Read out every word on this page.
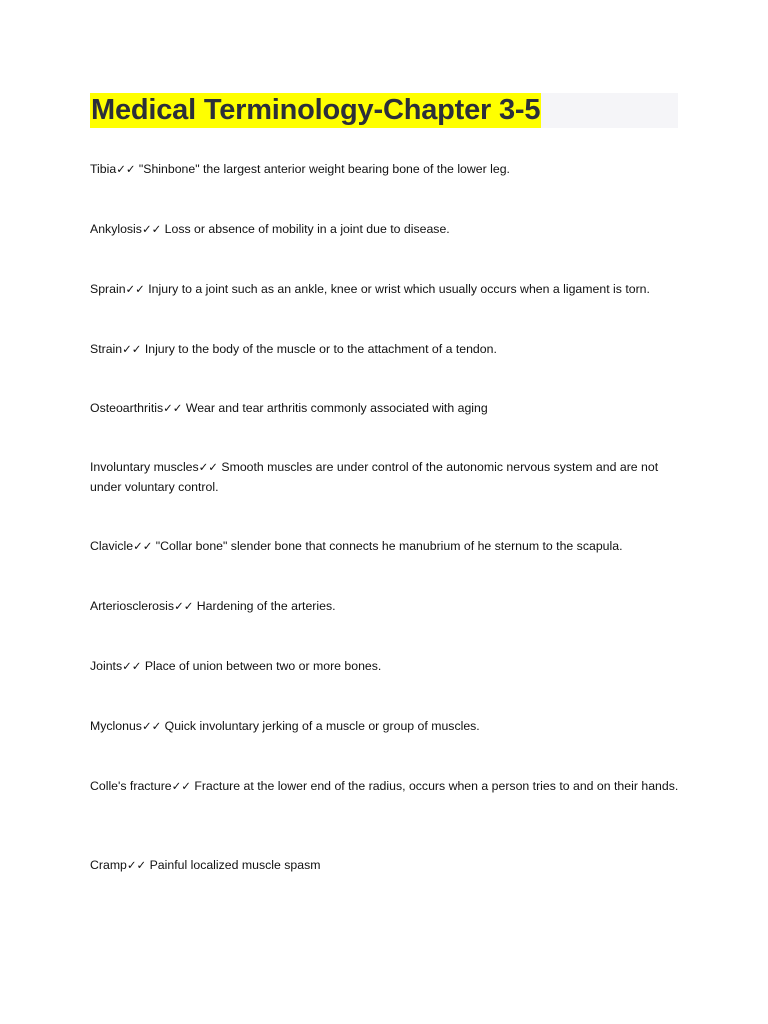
Medical Terminology-Chapter 3-5

Tibia✓✓ "Shinbone" the largest anterior weight bearing bone of the lower leg.

Ankylosis✓✓ Loss or absence of mobility in a joint due to disease.

Sprain✓✓ Injury to a joint such as an ankle, knee or wrist which usually occurs when a ligament is torn.

Strain✓✓ Injury to the body of the muscle or to the attachment of a tendon.

Osteoarthritis✓✓ Wear and tear arthritis commonly associated with aging

Involuntary muscles✓✓ Smooth muscles are under control of the autonomic nervous system and are not under voluntary control.

Clavicle✓✓ "Collar bone" slender bone that connects he manubrium of he sternum to the scapula.

Arteriosclerosis✓✓ Hardening of the arteries.

Joints✓✓ Place of union between two or more bones.

Myclonus✓✓ Quick involuntary jerking of a muscle or group of muscles.

Colle's fracture✓✓ Fracture at the lower end of the radius, occurs when a person tries to and on their hands.

Cramp✓✓ Painful localized muscle spasm
